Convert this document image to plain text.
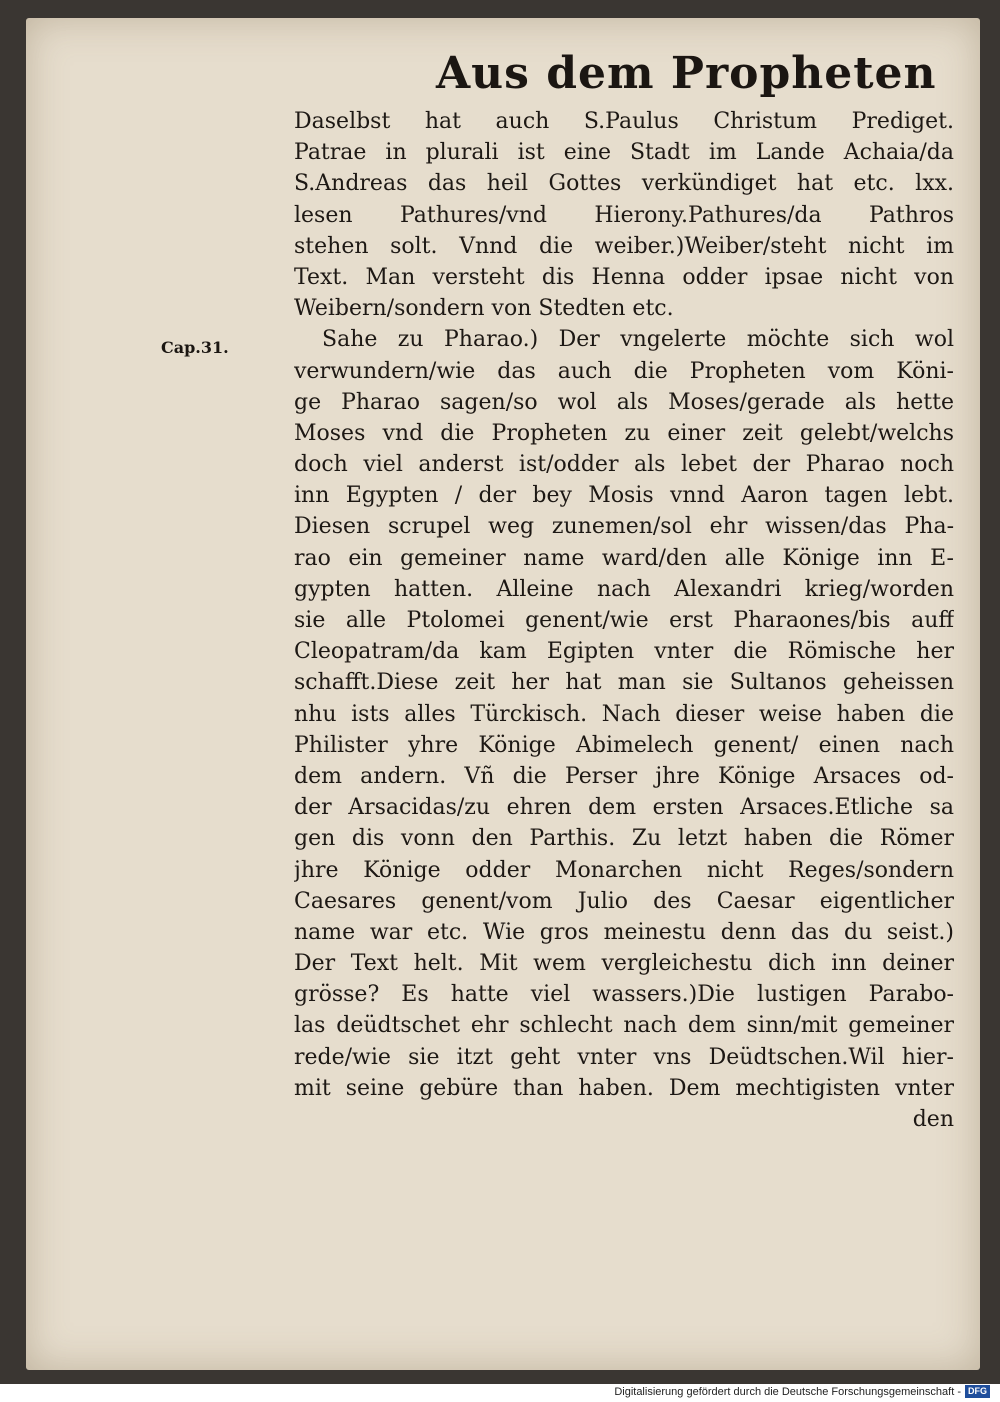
Aus dem Propheten
Cap.31.
Daselbst hat auch S.Paulus Christum Prediget.
Patrae in plurali ist eine Stadt im Lande Achaia/da
S.Andreas das heil Gottes verkündiget hat etc. lxx.
lesen Pathures/vnd Hierony.Pathures/da Pathros
stehen solt. Vnnd die weiber.)Weiber/steht nicht im
Text. Man versteht dis Henna odder ipsae nicht von
Weibern/sondern von Stedten etc.
Sahe zu Pharao.) Der vngelerte möchte sich wol
verwundern/wie das auch die Propheten vom Köni-
ge Pharao sagen/so wol als Moses/gerade als hette
Moses vnd die Propheten zu einer zeit gelebt/welchs
doch viel anderst ist/odder als lebet der Pharao noch
inn Egypten / der bey Mosis vnnd Aaron tagen lebt.
Diesen scrupel weg zunemen/sol ehr wissen/das Pha-
rao ein gemeiner name ward/den alle Könige inn E-
gypten hatten. Alleine nach Alexandri krieg/worden
sie alle Ptolomei genent/wie erst Pharaones/bis auff
Cleopatram/da kam Egipten vnter die Römische her
schafft.Diese zeit her hat man sie Sultanos geheissen
nhu ists alles Türckisch. Nach dieser weise haben die
Philister yhre Könige Abimelech genent/ einen nach
dem andern. Vñ die Perser jhre Könige Arsaces od-
der Arsacidas/zu ehren dem ersten Arsaces.Etliche sa
gen dis vonn den Parthis. Zu letzt haben die Römer
jhre Könige odder Monarchen nicht Reges/sondern
Caesares genent/vom Julio des Caesar eigentlicher
name war etc. Wie gros meinestu denn das du seist.)
Der Text helt. Mit wem vergleichestu dich inn deiner
grösse? Es hatte viel wassers.)Die lustigen Parabo-
las deüdtschet ehr schlecht nach dem sinn/mit gemeiner
rede/wie sie itzt geht vnter vns Deüdtschen.Wil hier-
mit seine gebüre than haben. Dem mechtigisten vnter
den
Digitalisierung gefördert durch die Deutsche Forschungsgemeinschaft - DFG
